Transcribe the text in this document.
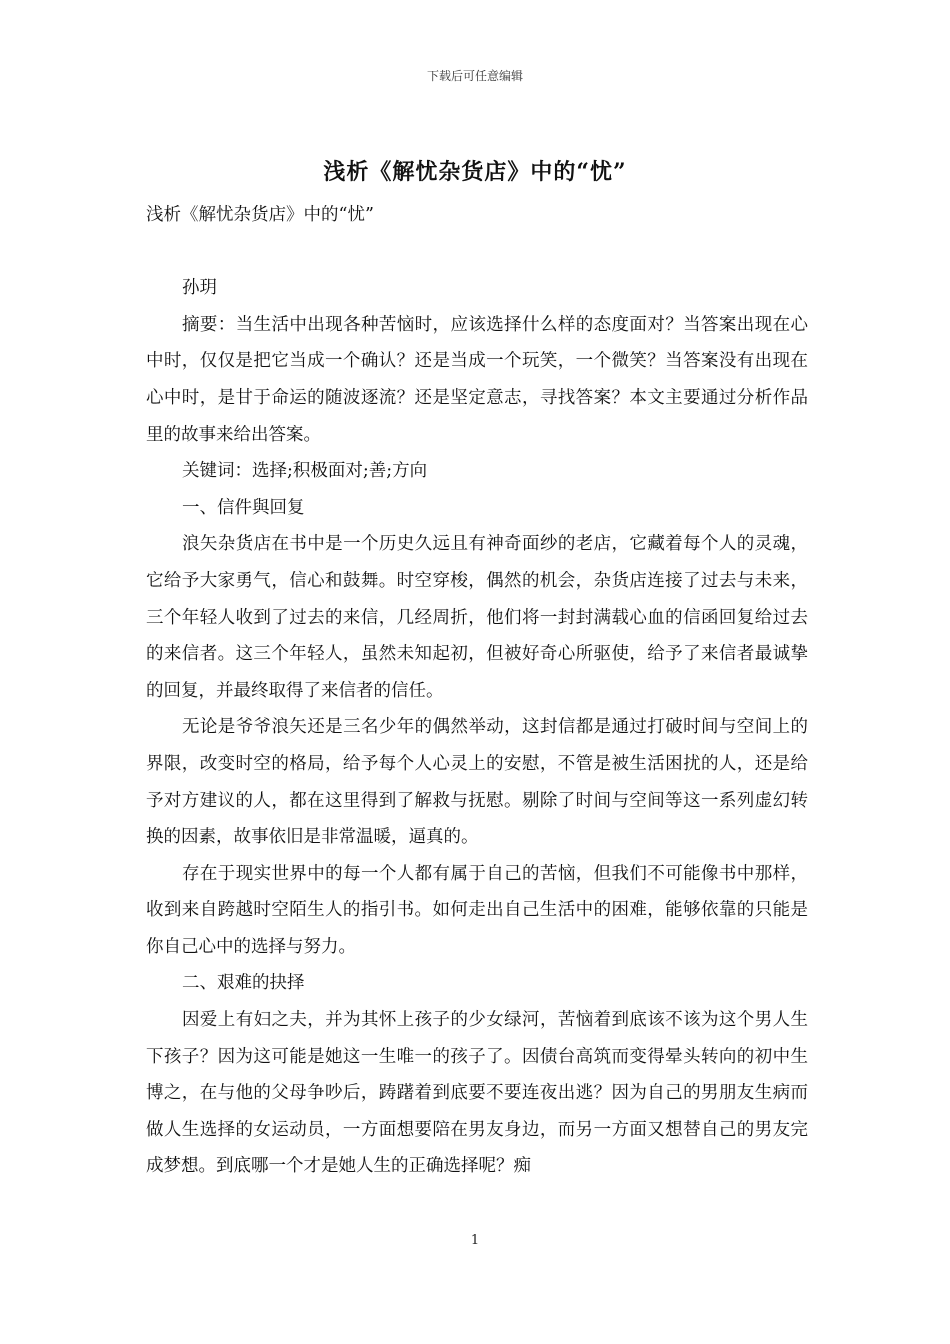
下载后可任意编辑
浅析《解忧杂货店》中的“忧”

浅析《解忧杂货店》中的“忧”

孙玥

摘要：当生活中出现各种苦恼时，应该选择什么样的态度面对？当答案出现在心中时，仅仅是把它当成一个确认？还是当成一个玩笑，一个微笑？当答案没有出现在心中时，是甘于命运的随波逐流？还是坚定意志，寻找答案？本文主要通过分析作品里的故事来给出答案。

关键词：选择;积极面对;善;方向

一、信件與回复

浪矢杂货店在书中是一个历史久远且有神奇面纱的老店，它藏着每个人的灵魂，它给予大家勇气，信心和鼓舞。时空穿梭，偶然的机会，杂货店连接了过去与未来，三个年轻人收到了过去的来信，几经周折，他们将一封封满载心血的信函回复给过去的来信者。这三个年轻人，虽然未知起初，但被好奇心所驱使，给予了来信者最诚挚的回复，并最终取得了来信者的信任。

无论是爷爷浪矢还是三名少年的偶然举动，这封信都是通过打破时间与空间上的界限，改变时空的格局，给予每个人心灵上的安慰，不管是被生活困扰的人，还是给予对方建议的人，都在这里得到了解救与抚慰。剔除了时间与空间等这一系列虚幻转换的因素，故事依旧是非常温暖，逼真的。

存在于现实世界中的每一个人都有属于自己的苦恼，但我们不可能像书中那样，收到来自跨越时空陌生人的指引书。如何走出自己生活中的困难，能够依靠的只能是你自己心中的选择与努力。

二、艰难的抉择

因爱上有妇之夫，并为其怀上孩子的少女绿河，苦恼着到底该不该为这个男人生下孩子？因为这可能是她这一生唯一的孩子了。因债台高筑而变得晕头转向的初中生博之，在与他的父母争吵后，踌躇着到底要不要连夜出逃？因为自己的男朋友生病而做人生选择的女运动员，一方面想要陪在男友身边，而另一方面又想替自己的男友完成梦想。到底哪一个才是她人生的正确选择呢？痴

1
